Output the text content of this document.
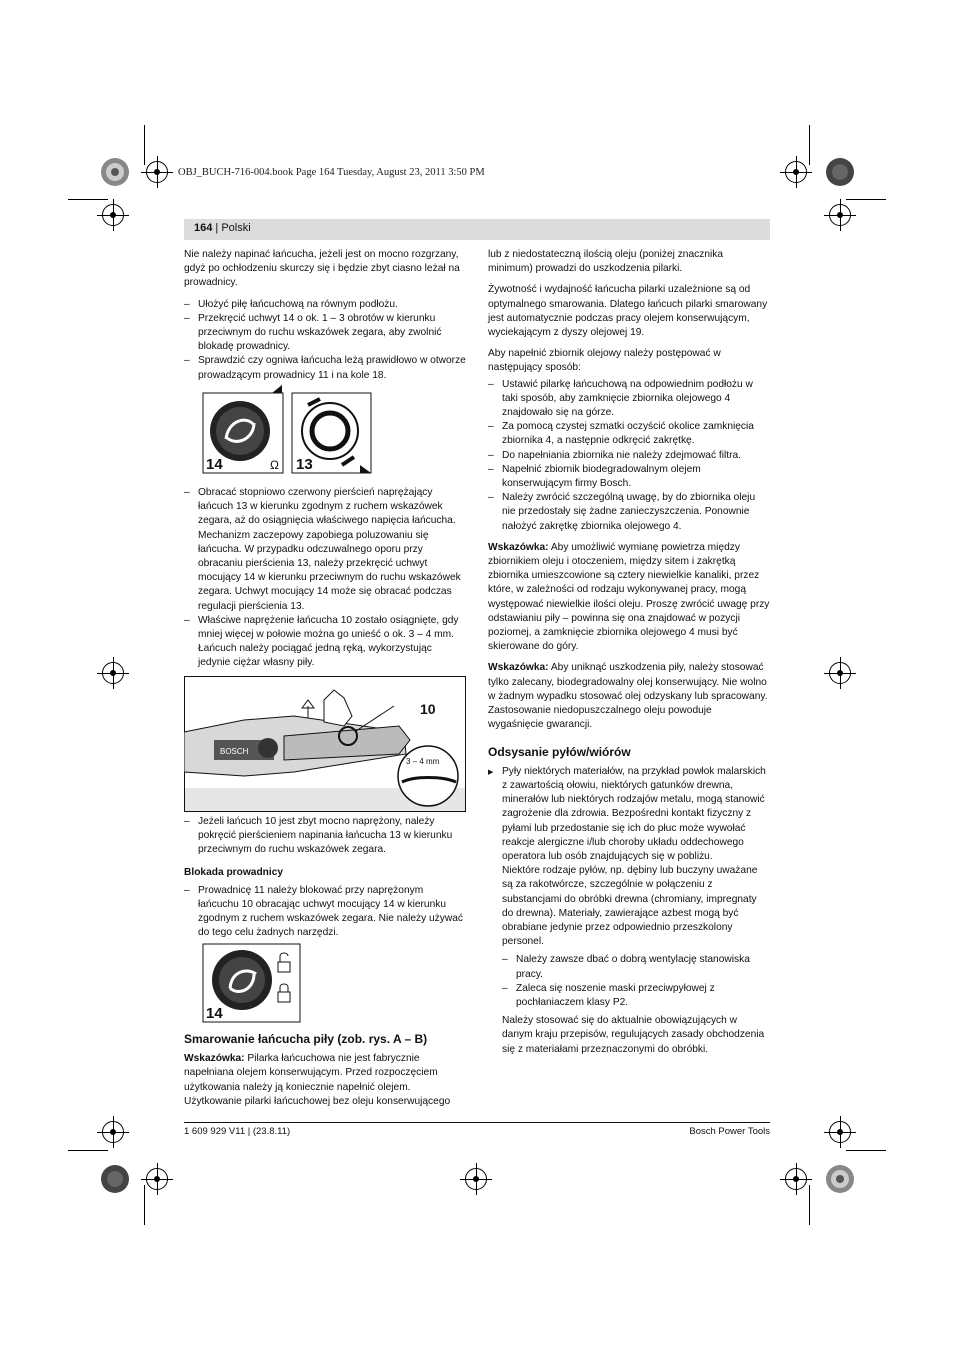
OBJ_BUCH-716-004.book Page 164 Tuesday, August 23, 2011 3:50 PM
164 | Polski

Nie należy napinać łańcucha, jeżeli jest on mocno rozgrzany, gdyż po ochłodzeniu skurczy się i będzie zbyt ciasno leżał na prowadnicy.

– Ułożyć piłę łańcuchową na równym podłożu.
– Przekręcić uchwyt 14 o ok. 1 – 3 obrotów w kierunku przeciwnym do ruchu wskazówek zegara, aby zwolnić blokadę prowadnicy.
– Sprawdzić czy ogniwa łańcucha leżą prawidłowo w otworze prowadzącym prowadnicy 11 i na kole 18.
14	Ω 13
– Obracać stopniowo czerwony pierścień naprężający łańcuch 13 w kierunku zgodnym z ruchem wskazówek zegara, aż do osiągnięcia właściwego napięcia łańcucha. Mechanizm zaczepowy zapobiega poluzowaniu się łańcucha. W przypadku odczuwalnego oporu przy obracaniu pierścienia 13, należy przekręcić uchwyt mocujący 14 w kierunku przeciwnym do ruchu wskazówek zegara. Uchwyt mocujący 14 może się obracać podczas regulacji pierścienia 13.
– Właściwe naprężenie łańcucha 10 zostało osiągnięte, gdy mniej więcej w połowie można go unieść o ok. 3 – 4 mm. Łańcuch należy pociągać jedną ręką, wykorzystując jedynie ciężar własny piły.
BOSCH
10
3 – 4 mm
– Jeżeli łańcuch 10 jest zbyt mocno naprężony, należy pokręcić pierścieniem napinania łańcucha 13 w kierunku przeciwnym do ruchu wskazówek zegara.
Blokada prowadnicy
– Prowadnicę 11 należy blokować przy naprężonym łańcuchu 10 obracając uchwyt mocujący 14 w kierunku zgodnym z ruchem wskazówek zegara. Nie należy używać do tego celu żadnych narzędzi.
14
Smarowanie łańcucha piły (zob. rys. A – B)

Wskazówka: Pilarka łańcuchowa nie jest fabrycznie napełniana olejem konserwującym. Przed rozpoczęciem użytkowania należy ją koniecznie napełnić olejem. Użytkowanie pilarki łańcuchowej bez oleju konserwującego

lub z niedostateczną ilością oleju (poniżej znacznika minimum) prowadzi do uszkodzenia pilarki.

Żywotność i wydajność łańcucha pilarki uzależnione są od optymalnego smarowania. Dlatego łańcuch pilarki smarowany jest automatycznie podczas pracy olejem konserwującym, wyciekającym z dyszy olejowej 19.

Aby napełnić zbiornik olejowy należy postępować w następujący sposób:

– Ustawić pilarkę łańcuchową na odpowiednim podłożu w taki sposób, aby zamknięcie zbiornika olejowego 4 znajdowało się na górze.
– Za pomocą czystej szmatki oczyścić okolice zamknięcia zbiornika 4, a następnie odkręcić zakrętkę.
– Do napełniania zbiornika nie należy zdejmować filtra.
– Napełnić zbiornik biodegradowalnym olejem konserwującym firmy Bosch.
– Należy zwrócić szczególną uwagę, by do zbiornika oleju nie przedostały się żadne zanieczyszczenia. Ponownie nałożyć zakrętkę zbiornika olejowego 4.

Wskazówka: Aby umożliwić wymianę powietrza między zbiornikiem oleju i otoczeniem, między sitem i zakrętką zbiornika umieszcowione są cztery niewielkie kanaliki, przez które, w zależności od rodzaju wykonywanej pracy, mogą występować niewielkie ilości oleju. Proszę zwrócić uwagę przy odstawianiu piły – powinna się ona znajdować w pozycji poziomej, a zamknięcie zbiornika olejowego 4 musi być skierowane do góry.

Wskazówka: Aby uniknąć uszkodzenia piły, należy stosować tylko zalecany, biodegradowalny olej konserwujący. Nie wolno w żadnym wypadku stosować olej odzyskany lub spracowany. Zastosowanie niedopuszczalnego oleju powoduje wygaśnięcie gwarancji.

Odsysanie pyłów/wiórów
▶ Pyły niektórych materiałów, na przykład powłok malarskich z zawartością ołowiu, niektórych gatunków drewna, minerałów lub niektórych rodzajów metalu, mogą stanowić zagrożenie dla zdrowia. Bezpośredni kontakt fizyczny z pyłami lub przedostanie się ich do płuc może wywołać reakcje alergiczne i/lub choroby układu oddechowego operatora lub osób znajdujących się w pobliżu.
Niektóre rodzaje pyłów, np. dębiny lub buczyny uważane są za rakotwórcze, szczególnie w połączeniu z substancjami do obróbki drewna (chromiany, impregnaty do drewna). Materiały, zawierające azbest mogą być obrabiane jedynie przez odpowiednio przeszkolony personel.
– Należy zawsze dbać o dobrą wentylację stanowiska pracy.
– Zaleca się noszenie maski przeciwpyłowej z pochłaniaczem klasy P2.
Należy stosować się do aktualnie obowiązujących w danym kraju przepisów, regulujących zasady obchodzenia się z materiałami przeznaczonymi do obróbki.
1 609 929 V11 | (23.8.11)	Bosch Power Tools
